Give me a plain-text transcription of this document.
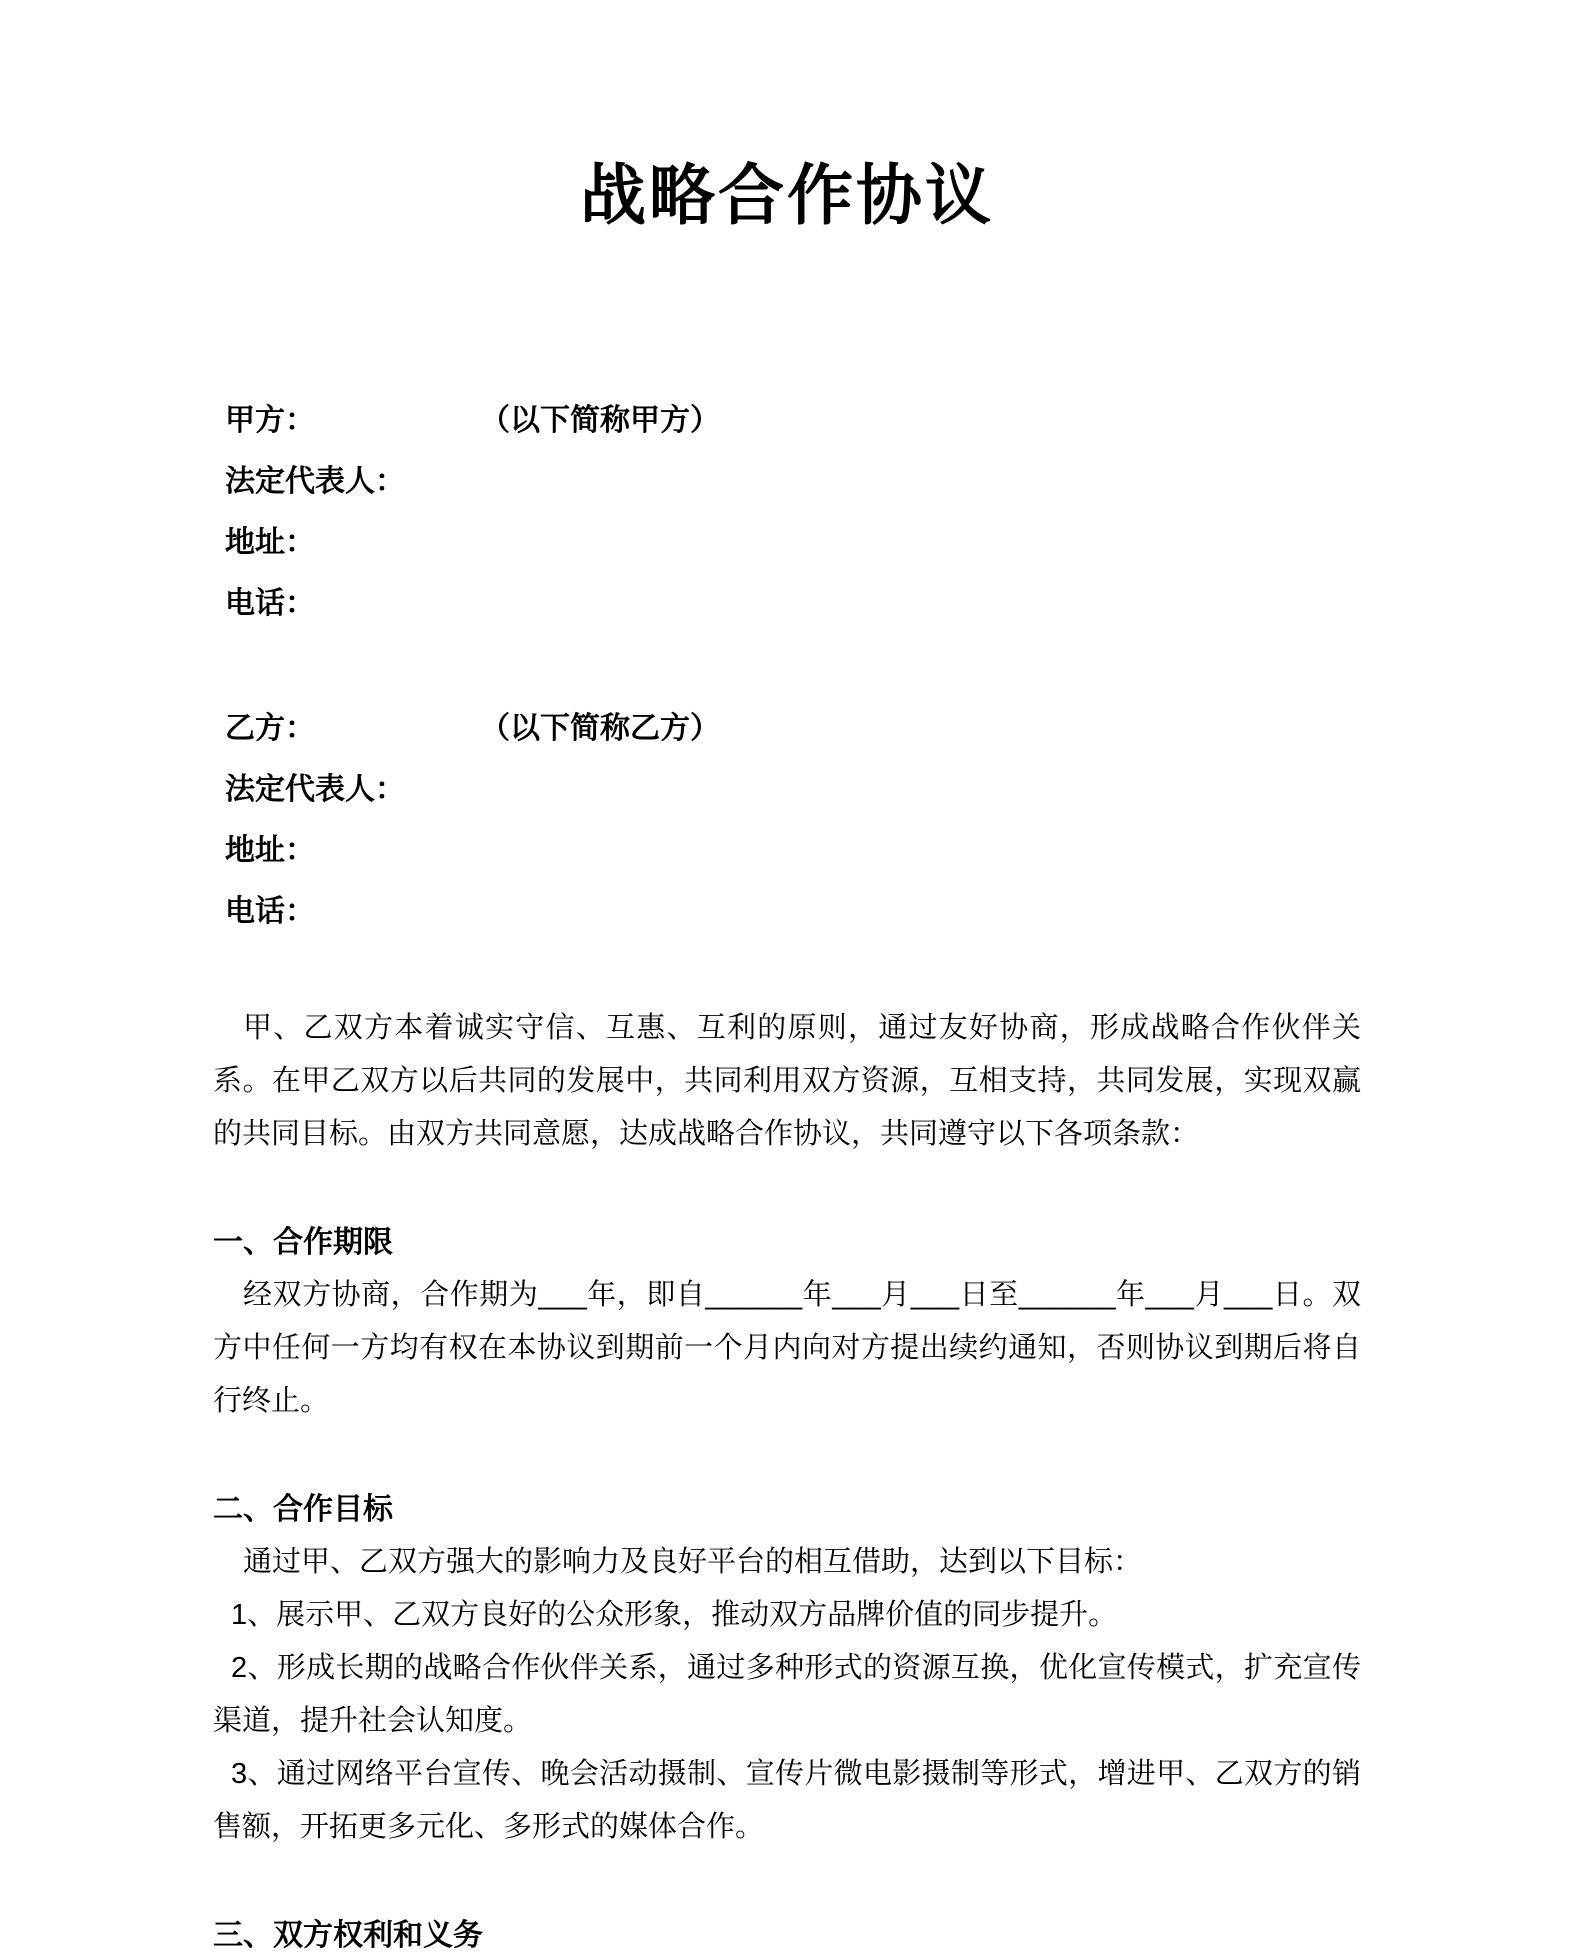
战略合作协议
甲方：	（以下简称甲方）
法定代表人：
地址：
电话：
乙方：	（以下简称乙方）
法定代表人：
地址：
电话：

甲、乙双方本着诚实守信、互惠、互利的原则，通过友好协商，形成战略合作伙伴关系。在甲乙双方以后共同的发展中，共同利用双方资源，互相支持，共同发展，实现双赢的共同目标。由双方共同意愿，达成战略合作协议，共同遵守以下各项条款：

一、合作期限

经双方协商，合作期为___年，即自______年___月___日至______年___月___日。双方中任何一方均有权在本协议到期前一个月内向对方提出续约通知，否则协议到期后将自行终止。

二、合作目标

通过甲、乙双方强大的影响力及良好平台的相互借助，达到以下目标：

1、展示甲、乙双方良好的公众形象，推动双方品牌价值的同步提升。

2、形成长期的战略合作伙伴关系，通过多种形式的资源互换，优化宣传模式，扩充宣传渠道，提升社会认知度。

3、通过网络平台宣传、晚会活动摄制、宣传片微电影摄制等形式，增进甲、乙双方的销售额，开拓更多元化、多形式的媒体合作。

三、双方权利和义务
